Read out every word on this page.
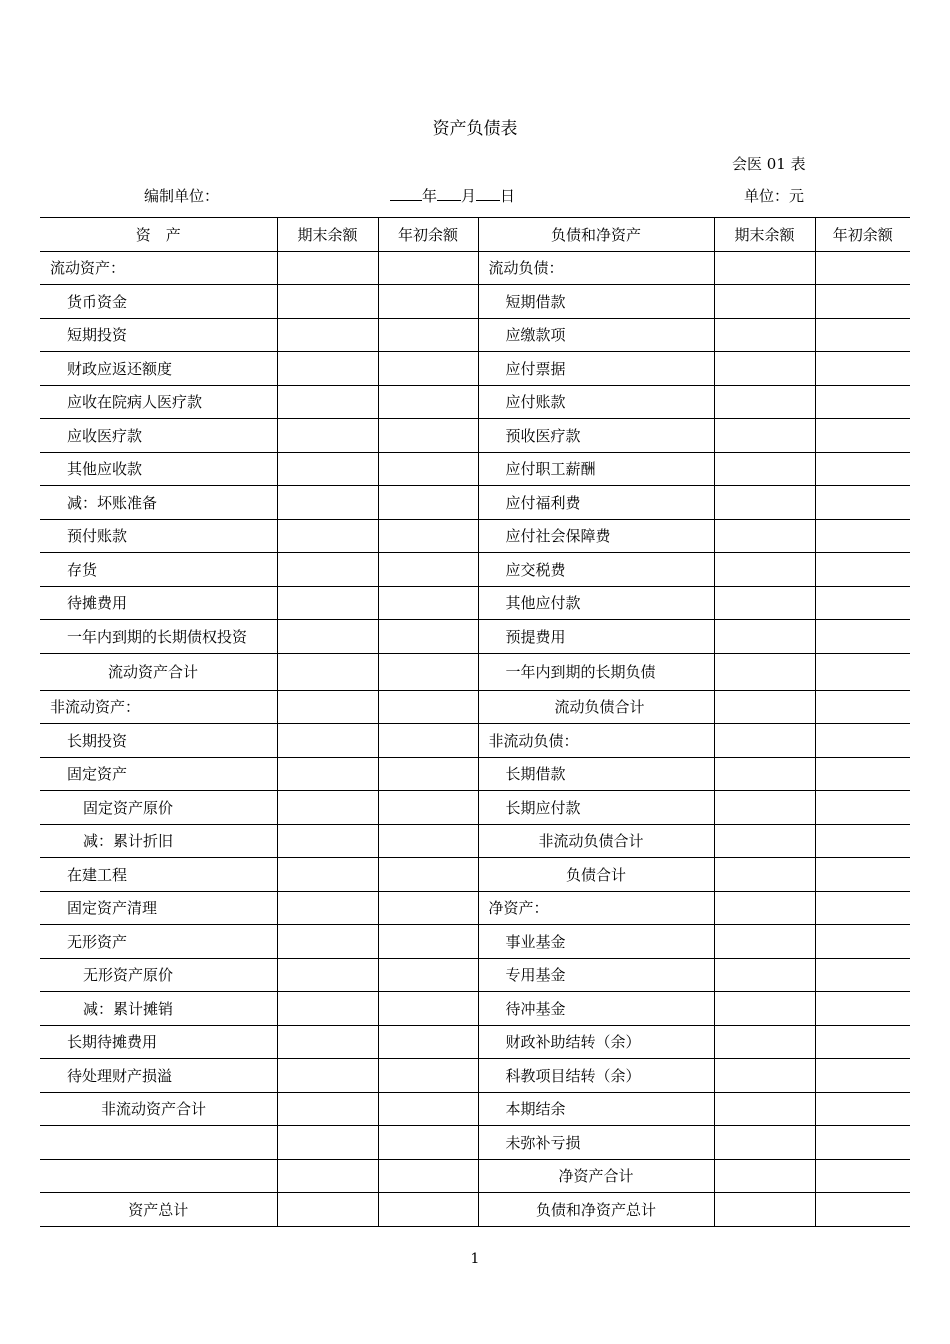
资产负债表
会医 01 表
编制单位：	年 月 日	单位：元
资　产	期末余额	年初余额	负债和净资产	期末余额	年初余额
流动资产：			流动负债：		
货币资金			短期借款		
短期投资			应缴款项		
财政应返还额度			应付票据		
应收在院病人医疗款			应付账款		
应收医疗款			预收医疗款		
其他应收款			应付职工薪酬		
减：坏账准备			应付福利费		
预付账款			应付社会保障费		
存货			应交税费		
待摊费用			其他应付款		
一年内到期的长期债权投资			预提费用		
流动资产合计			一年内到期的长期负债		
非流动资产：			流动负债合计		
长期投资			非流动负债：		
固定资产			长期借款		
固定资产原价			长期应付款		
减：累计折旧			非流动负债合计		
在建工程			负债合计		
固定资产清理			净资产：		
无形资产			事业基金		
无形资产原价			专用基金		
减：累计摊销			待冲基金		
长期待摊费用			财政补助结转（余）		
待处理财产损溢			科教项目结转（余）		
非流动资产合计			本期结余		
			未弥补亏损		
			净资产合计		
资产总计			负债和净资产总计		
1
